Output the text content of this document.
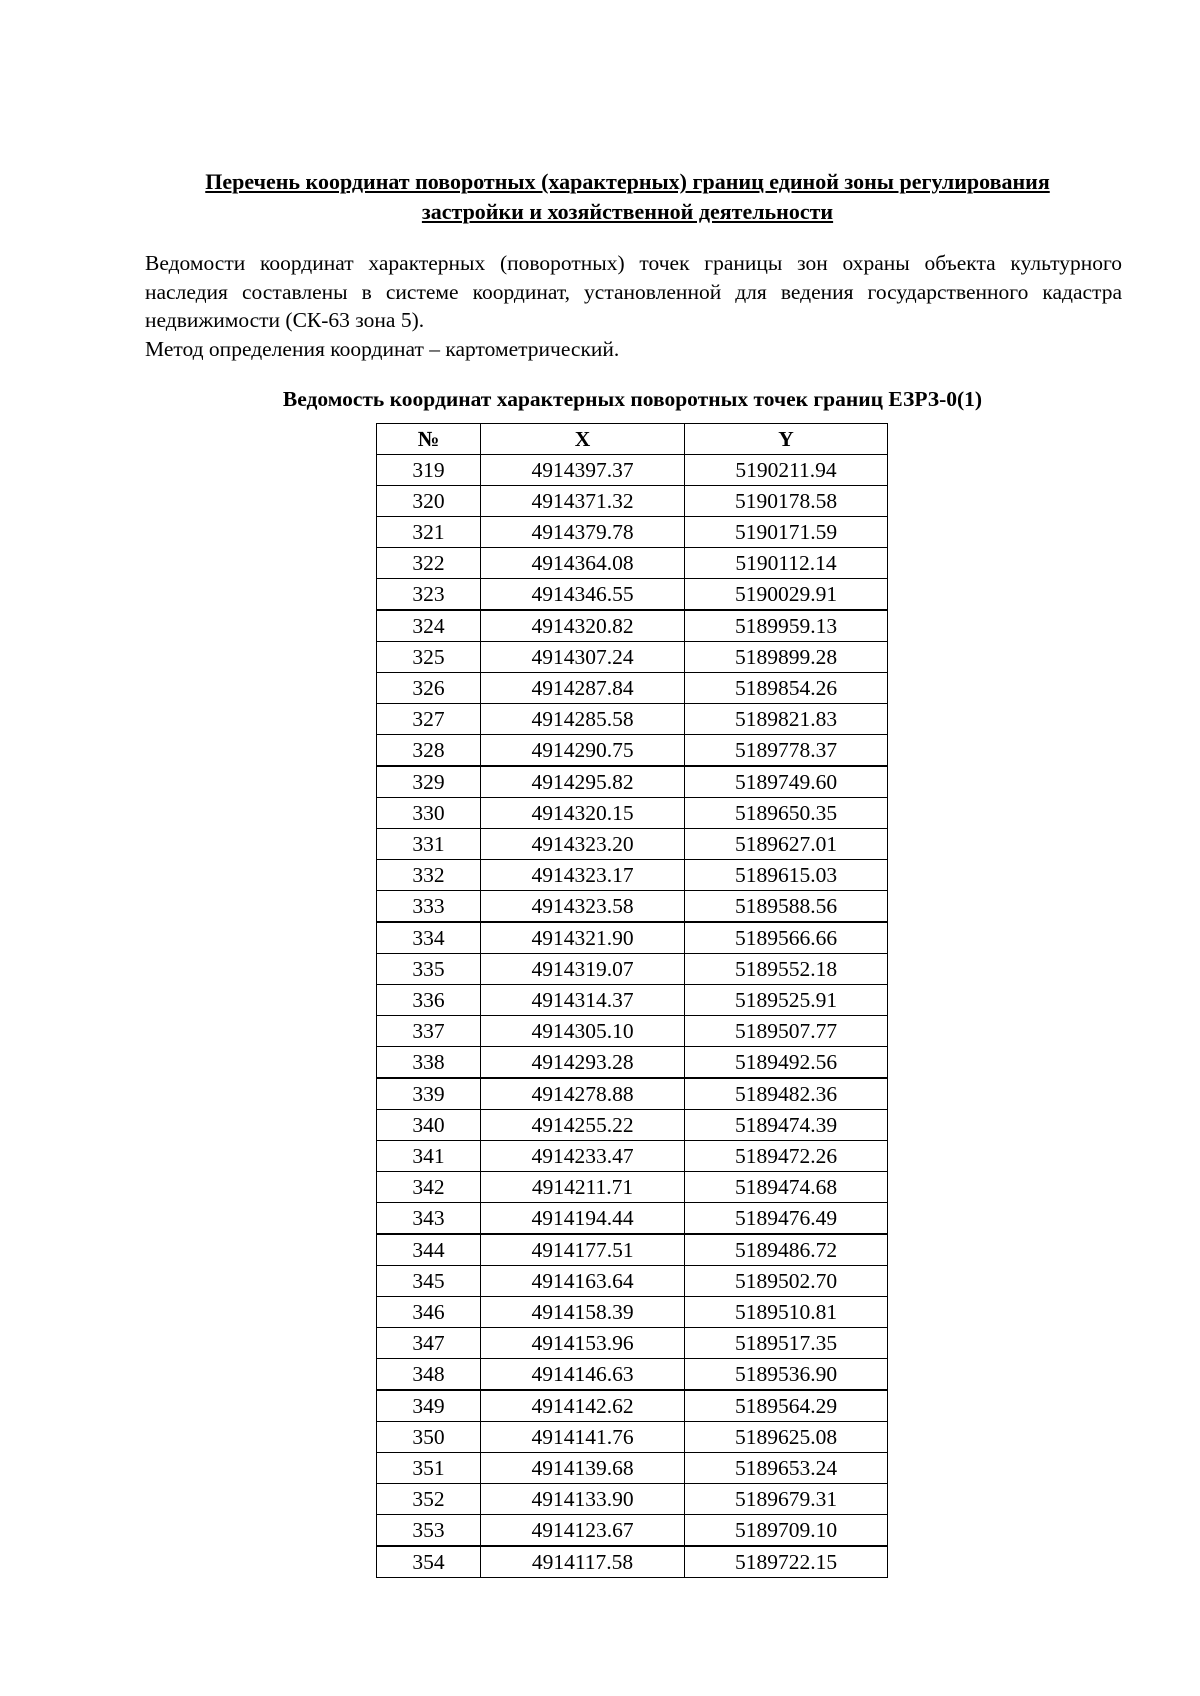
Перечень координат поворотных (характерных) границ единой зоны регулирования
застройки и хозяйственной деятельности
Ведомости координат характерных (поворотных) точек границы зон охраны объекта культурного наследия составлены в системе координат, установленной для ведения государственного кадастра недвижимости (СК-63 зона 5).
Метод определения координат – картометрический.
Ведомость координат характерных поворотных точек границ ЕЗРЗ-0(1)
№	X	Y
319	4914397.37	5190211.94
320	4914371.32	5190178.58
321	4914379.78	5190171.59
322	4914364.08	5190112.14
323	4914346.55	5190029.91
324	4914320.82	5189959.13
325	4914307.24	5189899.28
326	4914287.84	5189854.26
327	4914285.58	5189821.83
328	4914290.75	5189778.37
329	4914295.82	5189749.60
330	4914320.15	5189650.35
331	4914323.20	5189627.01
332	4914323.17	5189615.03
333	4914323.58	5189588.56
334	4914321.90	5189566.66
335	4914319.07	5189552.18
336	4914314.37	5189525.91
337	4914305.10	5189507.77
338	4914293.28	5189492.56
339	4914278.88	5189482.36
340	4914255.22	5189474.39
341	4914233.47	5189472.26
342	4914211.71	5189474.68
343	4914194.44	5189476.49
344	4914177.51	5189486.72
345	4914163.64	5189502.70
346	4914158.39	5189510.81
347	4914153.96	5189517.35
348	4914146.63	5189536.90
349	4914142.62	5189564.29
350	4914141.76	5189625.08
351	4914139.68	5189653.24
352	4914133.90	5189679.31
353	4914123.67	5189709.10
354	4914117.58	5189722.15
